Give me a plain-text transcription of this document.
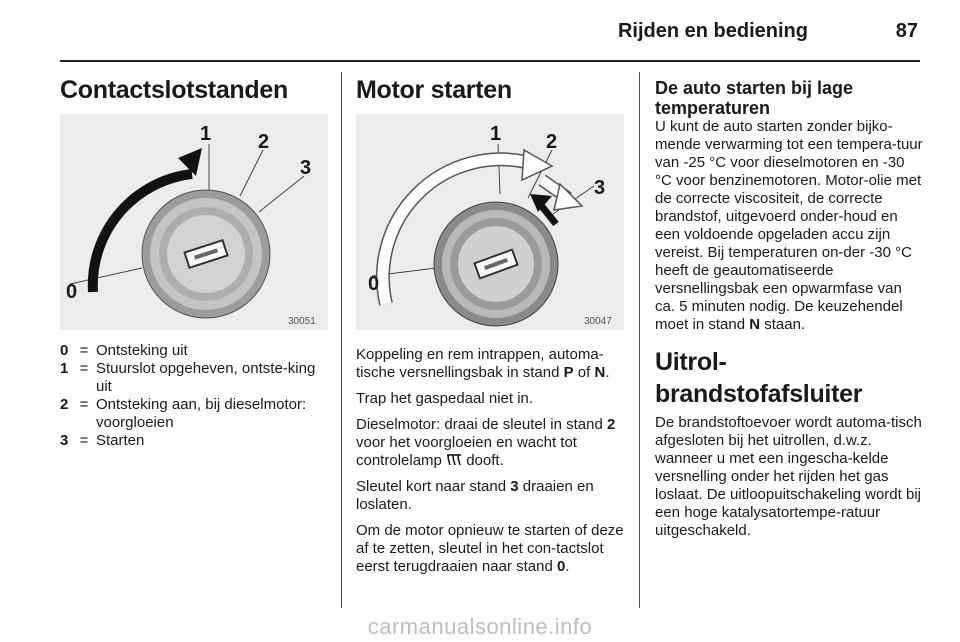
Rijden en bediening	87
Contactslotstanden
0
1 2
3
30051
0 = Ontsteking uit
1 = Stuurslot opgeheven, ontste-king uit
2 = Ontsteking aan, bij dieselmotor: voorgloeien
3 = Starten
Motor starten
0
1 2
3
30047

Koppeling en rem intrappen, automa-tische versnellingsbak in stand P of N.

Trap het gaspedaal niet in.

Dieselmotor: draai de sleutel in stand 2 voor het voorgloeien en wacht tot controlelamp  dooft.

Sleutel kort naar stand 3 draaien en loslaten.

Om de motor opnieuw te starten of deze af te zetten, sleutel in het con-tactslot eerst terugdraaien naar stand 0.

De auto starten bij lage temperaturen

U kunt de auto starten zonder bijko-mende verwarming tot een tempera-tuur van -25 °C voor dieselmotoren en -30 °C voor benzinemotoren. Motor-olie met de correcte viscositeit, de correcte brandstof, uitgevoerd onder-houd en een voldoende opgeladen accu zijn vereist. Bij temperaturen on-der -30 °C heeft de geautomatiseerde versnellingsbak een opwarmfase van ca. 5 minuten nodig. De keuzehendel moet in stand N staan.

Uitrol-brandstofafsluiter

De brandstoftoevoer wordt automa-tisch afgesloten bij het uitrollen, d.w.z. wanneer u met een ingescha-kelde versnelling onder het rijden het gas loslaat. De uitloopuitschakeling wordt bij een hoge katalysatortempe-ratuur uitgeschakeld.

carmanualsonline.info
